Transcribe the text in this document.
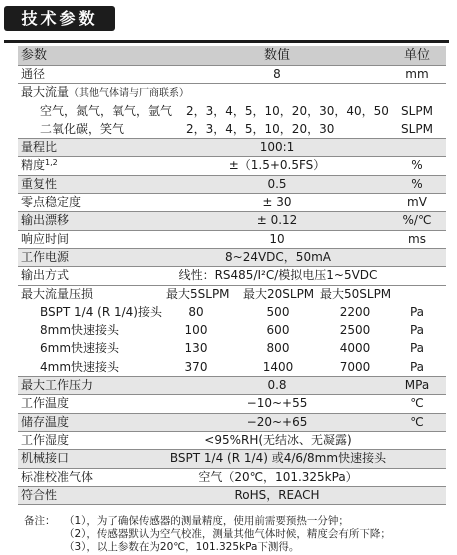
技术参数
参数	数值	单位
通径	8	mm
最大流量（其他气体请与厂商联系）
空气，氮气，氧气，氩气 2，3，4，5，10，20，30，40，50	SLPM
二氧化碳，笑气	2，3，4，5，10，20，30	SLPM
量程比	100:1
精度$^{1,2}$	±（1.5+0.5FS）	%
重复性	0.5	%
零点稳定度	± 30	mV
输出漂移	± 0.12	%/℃
响应时间	10	ms
工作电源	8~24VDC，50mA
输出方式	线性：RS485/I²C/模拟电压1~5VDC
最大流量压损	最大5SLPM 最大20SLPM 最大50SLPM
BSPT 1/4 (R 1/4)接头	80	500	2200	Pa
8mm快速接头	100	600	2500	Pa
6mm快速接头	130	800	4000	Pa
4mm快速接头	370	1400	7000	Pa
最大工作压力	0.8	MPa
工作温度	−10~+55	℃
储存温度	−20~+65	℃
工作湿度	<95%RH(无结冰、无凝露)
机械接口	BSPT 1/4 (R 1/4) 或4/6/8mm快速接头
标准校准气体	空气（20℃，101.325kPa）
符合性	RoHS，REACH
备注： （1），为了确保传感器的测量精度，使用前需要预热一分钟；
（2），传感器默认为空气校准，测量其他气体时候，精度会有所下降；
（3），以上参数在为20℃，101.325kPa下测得。
